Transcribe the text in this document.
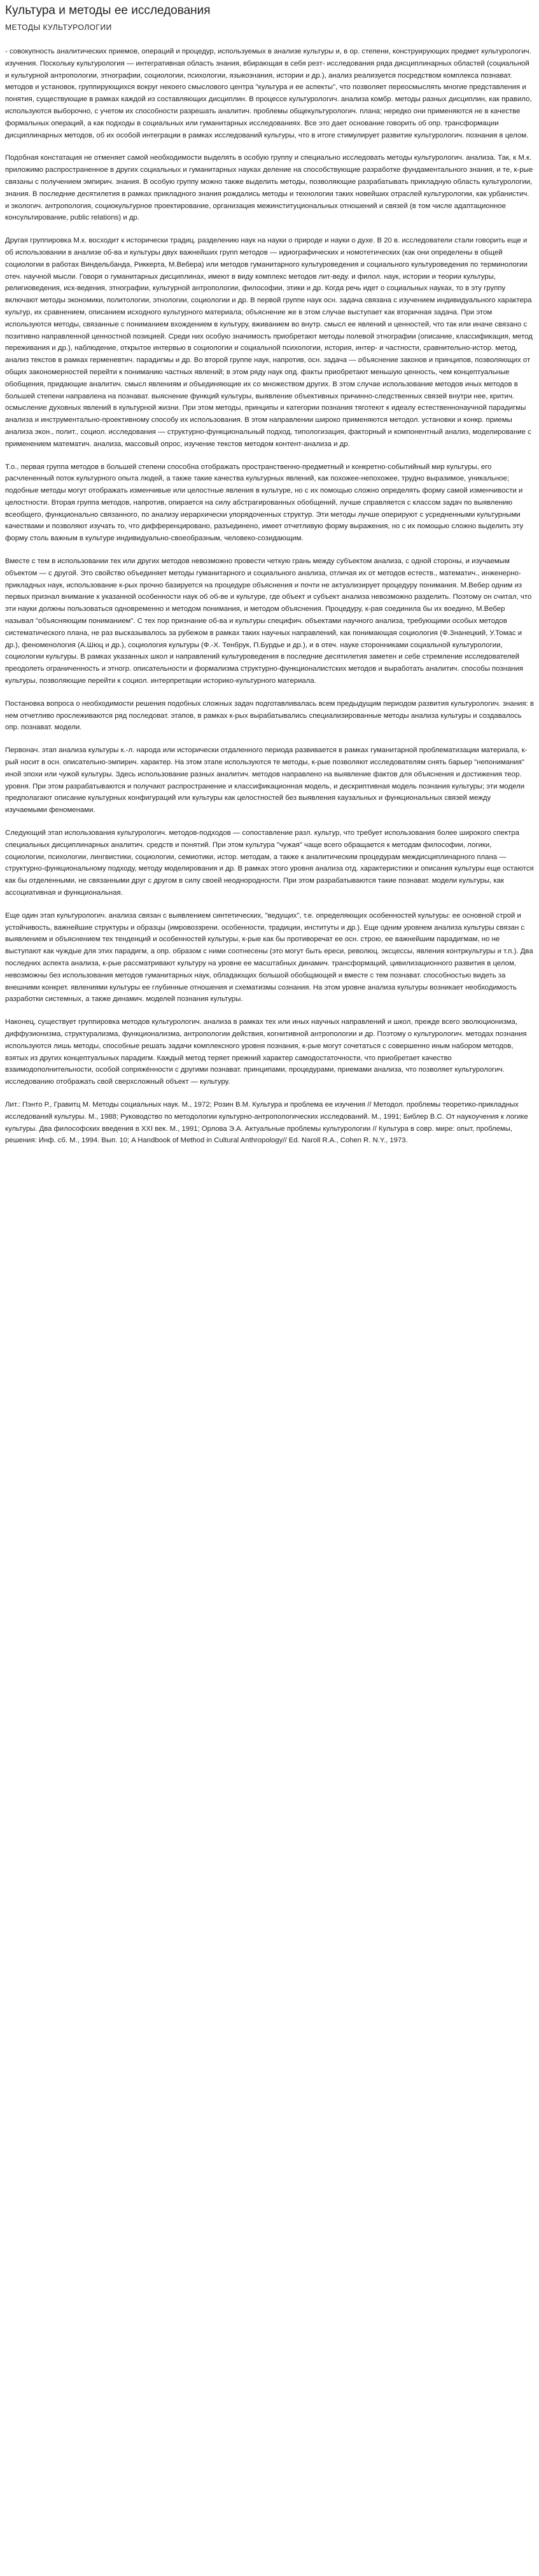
Культура и методы ее исследования
МЕТОДЫ КУЛЬТУРОЛОГИИ

- совокупность аналитических приемов, операций и процедур, используемых в анализе культуры и, в ор. степени, конструирующих предмет культурологич. изучения. Посколькy культурология — интегративная область знания, вбирающая в себя резт- исследования ряда дисциплинарных областей (социальной и культурной антропологии, этнографии, социологии, психологии, языкознания, истории и др.), анализ реализуется посредством комплекса познават. методов и установок, группирующихся вокруг некоего смыслового центра "культура и ее аспекты", что позволяет переосмыслять многие представления и понятия, существующие в рамках каждой из составляющих дисциплин. В процессе культурологич. анализа комбр. методы разных дисциплин, как правило, используются выборочно, с учетом их способности разрешать аналитич. проблемы общекультурологич. плана; нередко они применяются не в качестве формальных операций, а как подходы в социальных или гуманитарных исследованиях. Все это дает основание говорить об опр. трансформации дисциплинарных методов, об их особой интеграции в рамках исследований культуры, что в итоге стимулирует развитие культурологич. познания в целом.

Подобная констатация не отменяет самой необходимости выделять в особую группу и специально исследовать методы культурологич. анализа. Так, к М.к. приложимо распространенное в других социальных и гуманитарных науках деление на способствующие разработке фундаментального знания, и те, к-рые связаны с получением эмпирич. знания. В особую группу можно также выделить методы, позволяющие разрабатывать прикладную область культурологии, знания. В последние десятилетия в рамках прикладного знания рождались методы и технологии таких новейших отраслей культурологии, как урбанистич. и экологич. антропология, социокультурное проектирование, организация межинституциональных отношений и связей (в том числе адаптационное консультирование, public relations) и др.

Другая группировка М.к. восходит к исторически традиц. разделению наук на науки о природе и науки о духе. В 20 в. исследователи стали говорить еще и об использовании в анализе об-ва и культуры двух важнейших групп методов — идиографических и номотетических (как они определены в общей социологии в работах Виндельбанда, Риккерта, М.Вебера) или методов гуманитарного культуроведения и социального культуроведения по терминологии отеч. научной мысли. Говоря о гуманитарных дисциплинах, имеют в виду комплекс методов лит-веду. и филол. наук, истории и теории культуры, религиоведения, иск-ведения, этнографии, культурной антропологии, философии, этики и др. Когда речь идет о социальных науках, то в эту группу включают методы экономики, политологии, этнологии, социологии и др. В первой группе наук осн. задача связана с изучением индивидуального характера культур, их сравнением, описанием исходного культурного материала; объяснение же в этом случае выступает как вторичная задача. При этом используются методы, связанные с пониманием вхождением в культуру, вживанием во внутр. смысл ее явлений и ценностей, что так или иначе связано с позитивно направленной ценностной позицией. Среди них особую значимость приобретают методы полевой этнографии (описание, классификация, метод переживания и др.), наблюдение, открытое интервью в социологии и социальной психологии, история, интер- и частности, сравнительно-истор. метод, анализ текстов в рамках герменевтич. парадигмы и др. Во второй группе наук, напротив, осн. задача — объяснение законов и принципов, позволяющих от общих закономерностей перейти к пониманию частных явлений; в этом ряду наук опд. факты приобретают меньшую ценность, чем концептуальные обобщения, придающие аналитич. смысл явлениям и объединяющие их со множеством других. В этом случае использование методов иных методов в большей степени направлена на познават. выяснение функций культуры, выявление объективных причинно-следственных связей внутри нее, критич. осмысление духовных явлений в культурной жизни. При этом методы, принципы и категории познания тяготеют к идеалу естественнонаучной парадигмы анализа и инструментально-проективному способу их использования. В этом направлении широко применяются методол. установки и конкр. приемы анализа экон., полит., социол. исследования — структурно-функциональный подход, типологизация, факторный и компонентный анализ, моделирование с применением математич. анализа, массовый опрос, изучение текстов методом контент-анализа и др.

Т.о., первая группа методов в большей степени способна отображать пространственно-предметный и конкретно-событийный мир культуры, его расчлененный поток культурного опыта людей, а также такие качества культурных явлений, как похожее-непохожее, трудно выразимое, уникальное; подобные методы могут отображать изменчивые или целостные явления в культуре, но с их помощью сложно определять форму самой изменчивости и целостности. Вторая группа методов, напротив, опирается на силу абстрагированных обобщений, лучше справляется с классом задач по выявлению всеобщего, функционально связанного, по анализу иерархически упорядоченных структур. Эти методы лучше оперируют с усредненными культурными качествами и позволяют изучать то, что дифференцировано, разъединено, имеет отчетливую форму выражения, но с их помощью сложно выделить эту форму столь важным в культуре индивидуально-своеобразным, человеко-созидающим.

Вместе с тем в использовании тех или других методов невозможно провести четкую грань между субъектом анализа, с одной стороны, и изучаемым объектом — с другой. Это свойство объединяет методы гуманитарного и социального анализа, отличая их от методов естеств., математич., инженерно-прикладных наук, использование к-рых прочно базируется на процедуре объяснения и почти не актуализирует процедуру понимания. М.Вебер одним из первых признал внимание к указанной особенности наук об об-ве и культуре, где объект и субъект анализа невозможно разделить. Поэтому он считал, что эти науки должны пользоваться одновременно и методом понимания, и методом объяснения. Процедуру, к-рая соединила бы их воедино, М.Вебер называл "объясняющим пониманием". С тех пор признание об-ва и культуры специфич. объектами научного анализа, требующими особых методов систематического плана, не раз высказывалось за рубежом в рамках таких научных направлений, как понимающая социология (Ф.Знанецкий, У.Томас и др.), феноменология (А.Шюц и др.), социология культуры (Ф.-Х. Тенбрук, П.Бурдье и др.), и в отеч. науке сторонниками социальной культурологии, социологии культуры. В рамках указанных школ и направлений культуроведения в последние десятилетия заметен и себе стремление исследователей преодолеть ограниченность и этногр. описательности и формализма структурно-функционалистских методов и выработать аналитич. способы познания культуры, позволяющие перейти к социол. интерпретации историко-культурного материала.

Постановка вопроса о необходимости решения подобных сложных задач подготавливалась всем предыдущим периодом развития культурологич. знания: в нем отчетливо прослеживаются ряд последоват. этапов, в рамках к-рых вырабатывались специализированные методы анализа культуры и создавалось опр. познават. модели.

Первонач. этап анализа культуры к.-л. народа или исторически отдаленного периода развивается в рамках гуманитарной проблематизации материала, к-рый носит в осн. описательно-эмпирич. характер. На этом этапе используются те методы, к-рые позволяют исследователям снять барьер "непонимания" иной эпохи или чужой культуры. Здесь использование разных аналитич. методов направлено на выявление фактов для объяснения и достижения теор. уровня. При этом разрабатываются и получают распространение и классификационная модель, и дескриптивная модель познания культуры; эти модели предполагают описание культурных конфигураций или культуры как целостностей без выявления каузальных и функциональных связей между изучаемыми феноменами.

Следующий этап использования культурологич. методов-подходов — сопоставление разл. культур, что требует использования более широкого спектра специальных дисциплинарных аналитич. средств и понятий. При этом культура "чужая" чаще всего обращается к методам философии, логики, социологии, психологии, лингвистики, социологии, семиотики, истор. методам, а также к аналитическим процедурам междисциплинарного плана — структурно-функциональному подходу, методу моделирования и др. В рамках этого уровня анализа отд. характеристики и описания культуры еще остаются как бы отделенными, не связанными друг с другом в силу своей неоднородности. При этом разрабатываются такие познават. модели культуры, как ассоциативная и функциональная.

Еще один этап культурологич. анализа связан с выявлением синтетических, "ведущих", т.е. определяющих особенностей культуры: ее основной строй и устойчивость, важнейшие структуры и образцы (имровоззрени. особенности, традиции, институты и др.). Еще одним уровнем анализа культуры связан с выявлением и объяснением тех тенденций и особенностей культуры, к-рые как бы противоречат ее осн. строю, ее важнейшим парадигмам, но не выступают как чуждые для этих парадигм, а опр. образом с ними соотнесены (это могут быть ереси, революц. эксцессы, явления контркультуры и т.п.). Два последних аспекта анализа, к-рые рассматривают культуру на уровне ее масштабных динамич. трансформаций, цивилизационного развития в целом, невозможны без использования методов гуманитарных наук, обладающих большой обобщающей и вместе с тем познават. способностью видеть за внешними конкрет. явлениями культуры ее глубинные отношения и схематизмы сознания. На этом уровне анализа культуры возникает необходимость разработки системных, а также динамич. моделей познания культуры.

Наконец, существует группировка методов культурологич. анализа в рамках тех или иных научных направлений и школ, прежде всего эволюционизма, диффузионизма, структурализма, функционализма, антропологии действия, когнитивной антропологии и др. Поэтому о культурологич. методах познания используются лишь методы, способные решать задачи комплексного уровня познания, к-рые могут сочетаться с совершенно иным набором методов, взятых из других концептуальных парадигм. Каждый метод теряет прежний характер самодостаточности, что приобретает качество взаимодополнительности, особой сопряжённости с другими познават. принципами, процедурами, приемами анализа, что позволяет культурологич. исследованию отображать свой сверхсложный объект — культуру.

Лит.: Пэнто Р., Гравитц М. Методы социальных наук. М., 1972; Розин В.М. Культура и проблема ее изучения // Методол. проблемы теоретико-прикладных исследований культуры. М., 1988; Руководство по методологии культурно-антропологических исследований. М., 1991; Библер В.С. От наукоучения к логике культуры. Два философских введения в ХХI век. М., 1991; Орлова Э.А. Актуальные проблемы культурологии // Культура в совр. мире: опыт, проблемы, решения: Инф. сб. М., 1994. Вып. 10; A Handbook of Method in Cultural Anthropology// Ed. Naroll R.A., Cohen R. N.Y., 1973.
